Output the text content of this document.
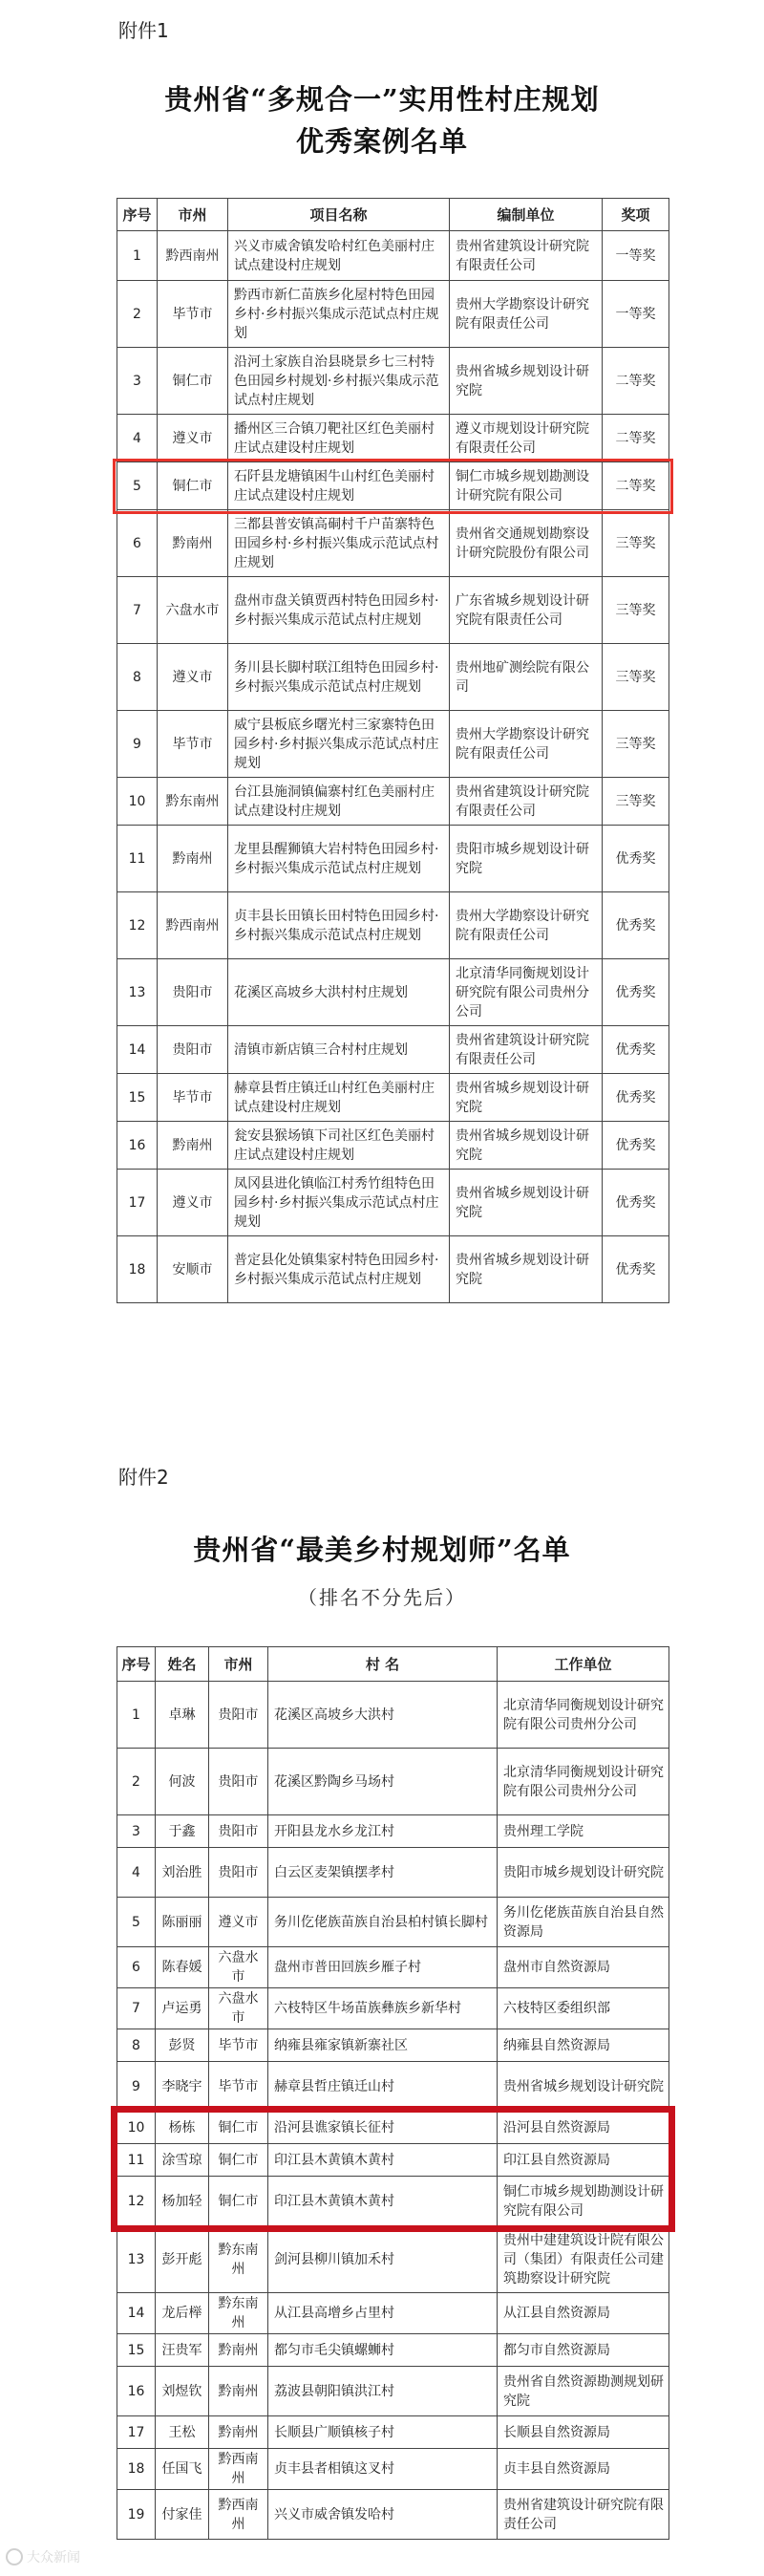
附件1
贵州省“多规合一”实用性村庄规划
优秀案例名单
序号	市州	项目名称	编制单位	奖项
1	黔西南州	兴义市威舍镇发哈村红色美丽村庄试点建设村庄规划	贵州省建筑设计研究院有限责任公司	一等奖
2	毕节市	黔西市新仁苗族乡化屋村特色田园乡村·乡村振兴集成示范试点村庄规划	贵州大学勘察设计研究院有限责任公司	一等奖
3	铜仁市	沿河土家族自治县晓景乡七三村特色田园乡村规划·乡村振兴集成示范试点村庄规划	贵州省城乡规划设计研究院	二等奖
4	遵义市	播州区三合镇刀靶社区红色美丽村庄试点建设村庄规划	遵义市规划设计研究院有限责任公司	二等奖
5	铜仁市	石阡县龙塘镇困牛山村红色美丽村庄试点建设村庄规划	铜仁市城乡规划勘测设计研究院有限公司	二等奖
6	黔南州	三都县普安镇高硐村千户苗寨特色田园乡村·乡村振兴集成示范试点村庄规划	贵州省交通规划勘察设计研究院股份有限公司	三等奖
7	六盘水市	盘州市盘关镇贾西村特色田园乡村·乡村振兴集成示范试点村庄规划	广东省城乡规划设计研究院有限责任公司	三等奖
8	遵义市	务川县长脚村联江组特色田园乡村·乡村振兴集成示范试点村庄规划	贵州地矿测绘院有限公司	三等奖
9	毕节市	威宁县板底乡曙光村三家寨特色田园乡村·乡村振兴集成示范试点村庄规划	贵州大学勘察设计研究院有限责任公司	三等奖
10	黔东南州	台江县施洞镇偏寨村红色美丽村庄试点建设村庄规划	贵州省建筑设计研究院有限责任公司	三等奖
11	黔南州	龙里县醒狮镇大岩村特色田园乡村·乡村振兴集成示范试点村庄规划	贵阳市城乡规划设计研究院	优秀奖
12	黔西南州	贞丰县长田镇长田村特色田园乡村·乡村振兴集成示范试点村庄规划	贵州大学勘察设计研究院有限责任公司	优秀奖
13	贵阳市	花溪区高坡乡大洪村村庄规划	北京清华同衡规划设计研究院有限公司贵州分公司	优秀奖
14	贵阳市	清镇市新店镇三合村村庄规划	贵州省建筑设计研究院有限责任公司	优秀奖
15	毕节市	赫章县哲庄镇迁山村红色美丽村庄试点建设村庄规划	贵州省城乡规划设计研究院	优秀奖
16	黔南州	瓮安县猴场镇下司社区红色美丽村庄试点建设村庄规划	贵州省城乡规划设计研究院	优秀奖
17	遵义市	凤冈县进化镇临江村秀竹组特色田园乡村·乡村振兴集成示范试点村庄规划	贵州省城乡规划设计研究院	优秀奖
18	安顺市	普定县化处镇集家村特色田园乡村·乡村振兴集成示范试点村庄规划	贵州省城乡规划设计研究院	优秀奖
附件2
贵州省“最美乡村规划师”名单
（排名不分先后）
序号	姓名	市州	村 名	工作单位
1	卓琳	贵阳市	花溪区高坡乡大洪村	北京清华同衡规划设计研究院有限公司贵州分公司
2	何波	贵阳市	花溪区黔陶乡马场村	北京清华同衡规划设计研究院有限公司贵州分公司
3	于鑫	贵阳市	开阳县龙水乡龙江村	贵州理工学院
4	刘治胜	贵阳市	白云区麦架镇摆孝村	贵阳市城乡规划设计研究院
5	陈丽丽	遵义市	务川仡佬族苗族自治县柏村镇长脚村	务川仡佬族苗族自治县自然资源局
6	陈春媛	六盘水市	盘州市普田回族乡雁子村	盘州市自然资源局
7	卢运勇	六盘水市	六枝特区牛场苗族彝族乡新华村	六枝特区委组织部
8	彭贤	毕节市	纳雍县雍家镇新寨社区	纳雍县自然资源局
9	李晓宇	毕节市	赫章县哲庄镇迁山村	贵州省城乡规划设计研究院
10	杨栋	铜仁市	沿河县谯家镇长征村	沿河县自然资源局
11	涂雪琼	铜仁市	印江县木黄镇木黄村	印江县自然资源局
12	杨加轻	铜仁市	印江县木黄镇木黄村	铜仁市城乡规划勘测设计研究院有限公司
13	彭开彪	黔东南州	剑河县柳川镇加禾村	贵州中建建筑设计院有限公司（集团）有限责任公司建筑勘察设计研究院
14	龙后榉	黔东南州	从江县高增乡占里村	从江县自然资源局
15	汪贵军	黔南州	都匀市毛尖镇螺蛳村	都匀市自然资源局
16	刘煜钦	黔南州	荔波县朝阳镇洪江村	贵州省自然资源勘测规划研究院
17	王松	黔南州	长顺县广顺镇核子村	长顺县自然资源局
18	任国飞	黔西南州	贞丰县者相镇这叉村	贞丰县自然资源局
19	付家佳	黔西南州	兴义市威舍镇发哈村	贵州省建筑设计研究院有限责任公司
大众新闻
